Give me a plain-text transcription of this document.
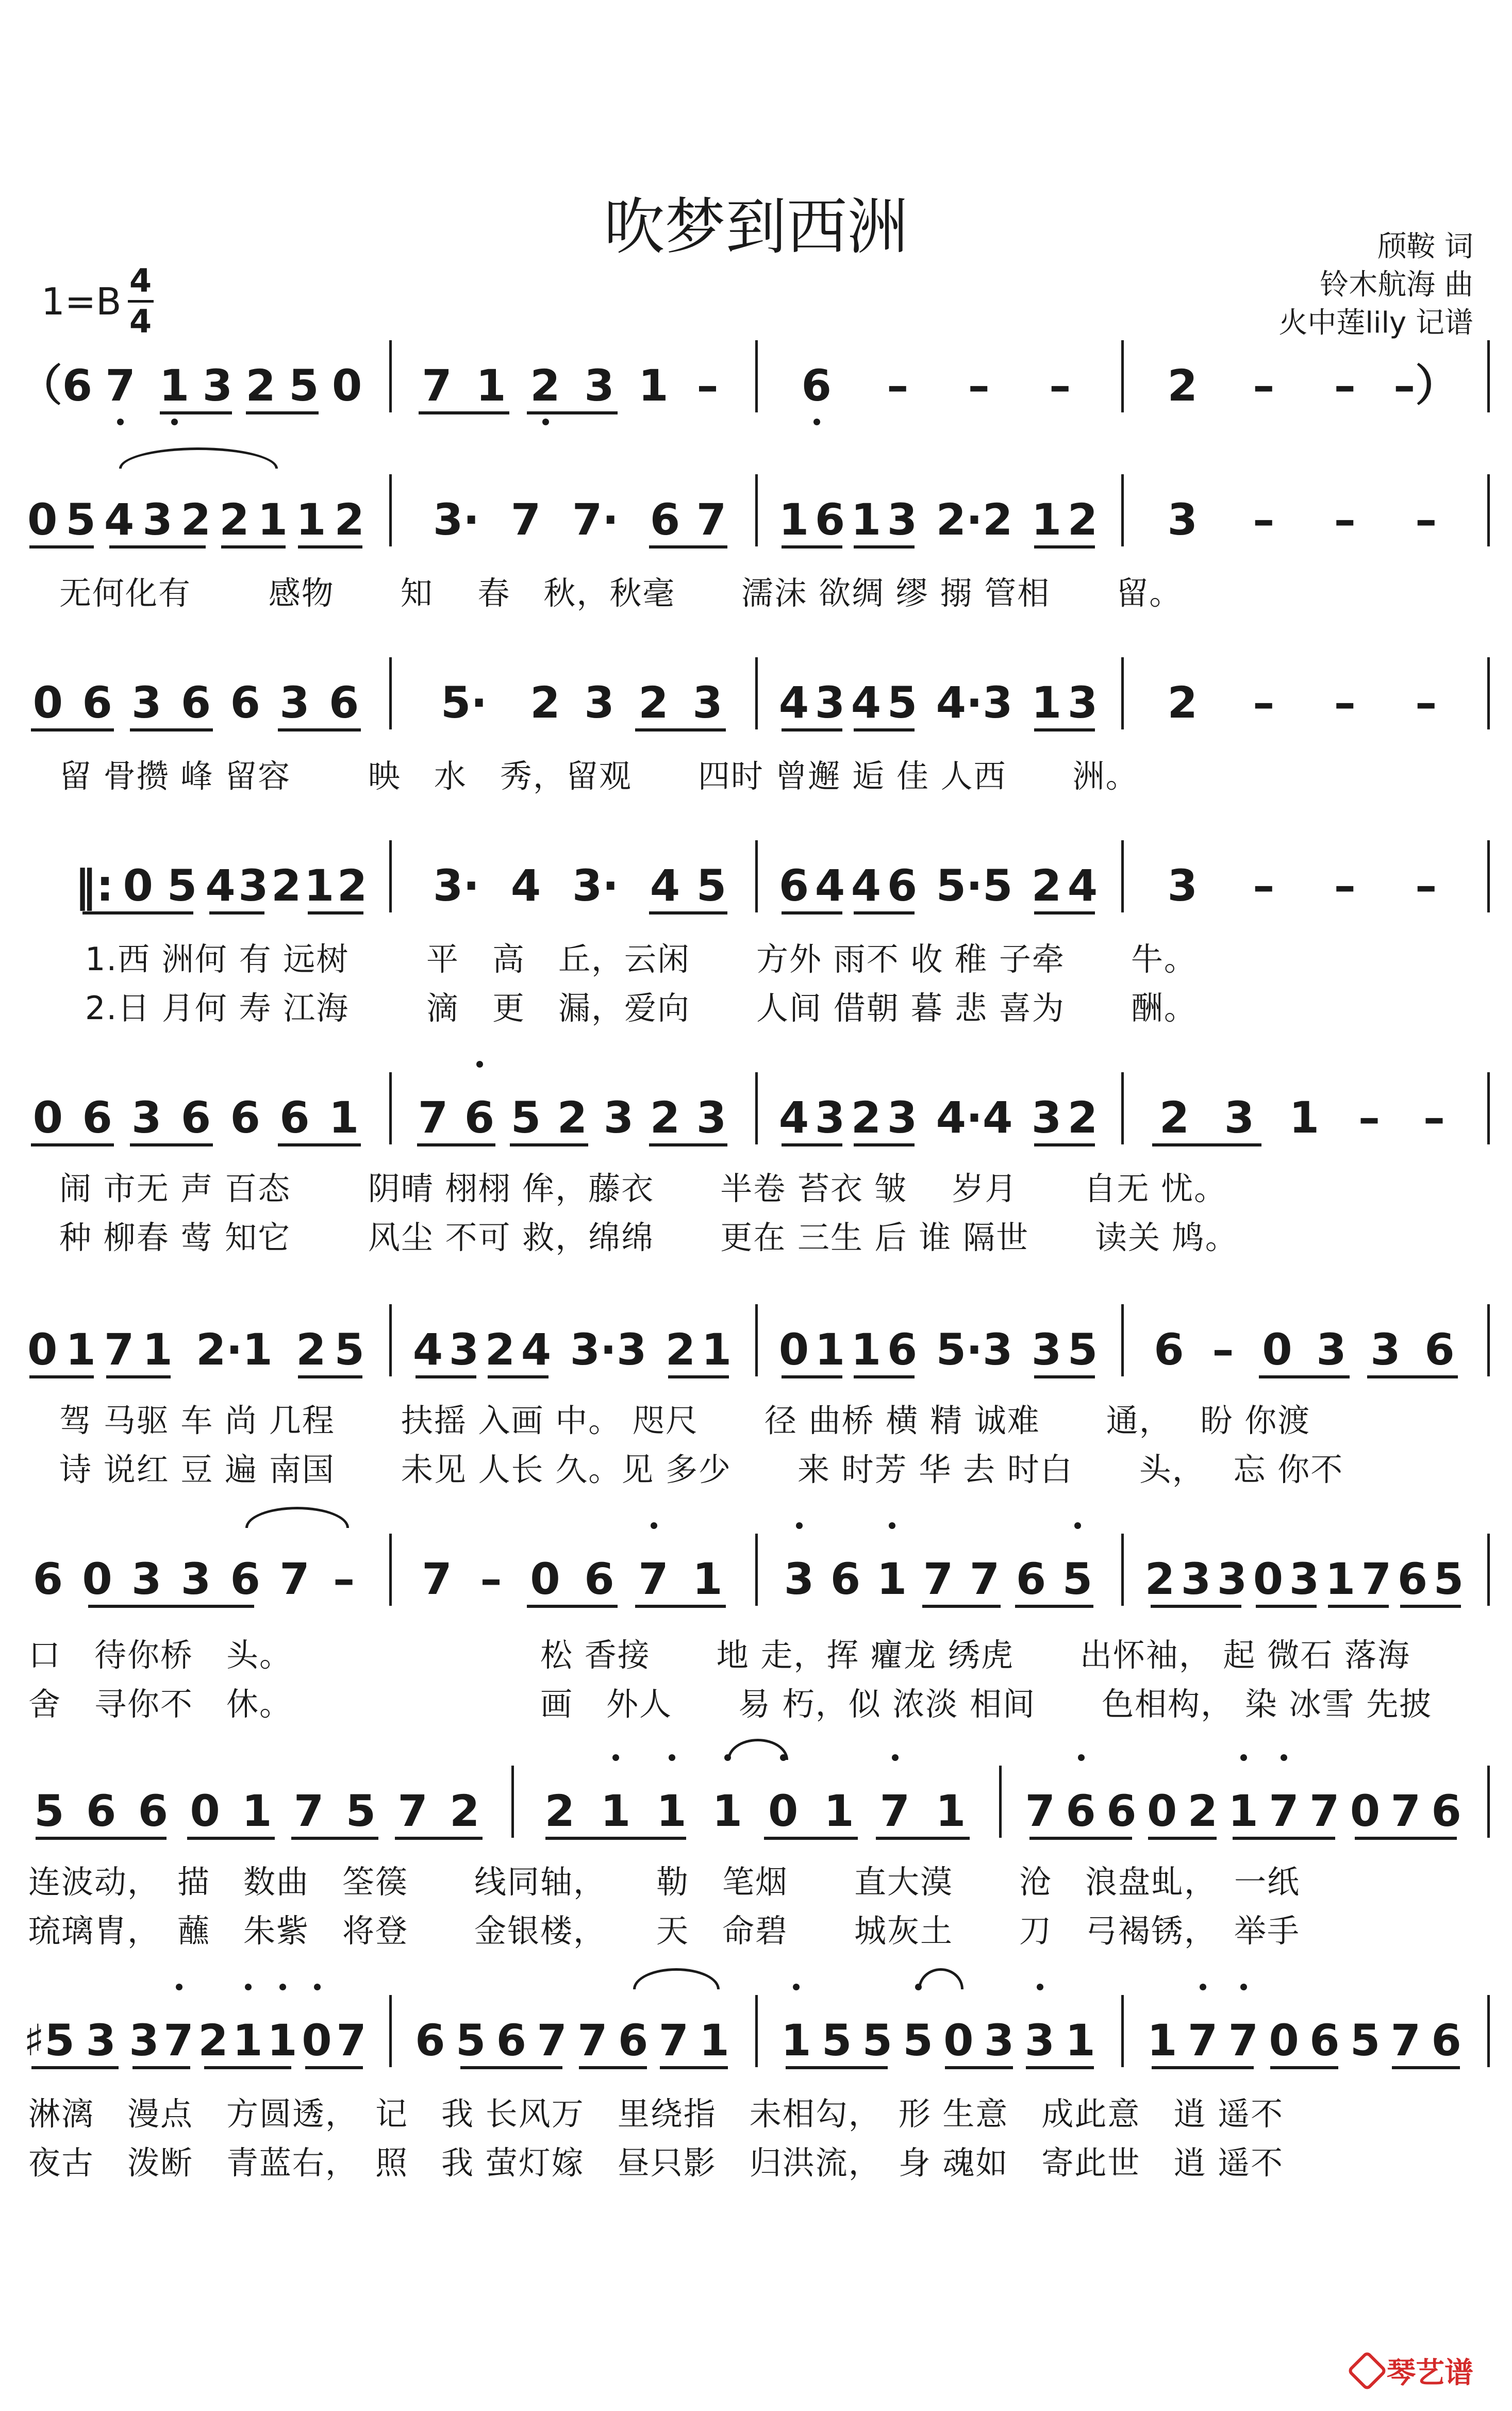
吹梦到西洲
1=B 4
4
颀鞍 词
铃木航海 曲
火中莲lily 记谱
（6 7 1 3 2 5 0 7 1 2 3 1 – 6 – – – 2 – – –）
0 5 4 3 2 2 1 1 2 3· 7 7· 6 7 1 6 1 3 2·2 1 2 3 – – –
0 6 3 6 6 3 6 5· 2 3 2 3 4 3 4 5 4·3 1 3 2 – – –
‖: 0 5 4 3 2 1 2 3· 4 3· 4 5 6 4 4 6 5·5 2 4 3 – – –
0 6 3 6 6 6 1 7 6 5 2 3 2 3 4 3 2 3 4·4 3 2 2 3 1 – –
0 1 7 1 2·1 2 5 4 3 2 4 3·3 2 1 0 1 1 6 5·3 3 5 6 – 0 3 3 6
6 0 3 3 6 7 – 7 – 0 6 7 1 3 6 1 7 7 6 5 2 3 3 0 3 1 7 6 5
5 6 6 0 1 7 5 7 2 2 1 1 1 0 1 7 1 7 6 6 0 2 1 7 7 0 7 6
♯5 3 3 7 2 1 1 0 7 6 5 6 7 7 6 7 1 1 5 5 5 0 3 3 1 1 7 7 0 6 5 7 6
琴艺谱
无何化有　　 感物　　知　 春　秋，秋毫　　濡沫 欲绸 缪 搦 管相　　留。
留 骨攒 峰 留容　　 映　水　秀，留观　　四时 曾邂 逅 佳 人西　　洲。
1.西 洲何 有 远树　　 平　高　丘，云闲　　方外 雨不 收 稚 子牵　　牛。
2.日 月何 寿 江海　　 滴　更　漏，爱向　　人间 借朝 暮 悲 喜为　　酬。
闹 市无 声 百态　　 阴晴 栩栩 侔，藤衣　　半卷 苔衣 皱　 岁月　　自无 忧。
种 柳春 莺 知它　　 风尘 不可 救，绵绵　　更在 三生 后 谁 隔世　　读关 鸠。
驾 马驱 车 尚 几程　　扶摇 入画 中。 咫尺　　径 曲桥 横 精 诚难　　通，　 盼 你渡
诗 说红 豆 遍 南国　　未见 人长 久。见 多少　　来 时芳 华 去 时白　　头，　 忘 你不
口　待你桥　头。　　　　　　　　松 香接　　地 走，挥 癯龙 绣虎　　出怀袖， 起 微石 落海
舍　寻你不　休。　　　　　　　　画　外人　　易 朽，似 浓淡 相间　　色相构， 染 冰雪 先披
连波动，　描　数曲　筌篌　　线同轴，　　勒　笔烟　　直大漠　　沧　浪盘虬，　一纸
琉璃胄，　蘸　朱紫　将登　　金银楼，　　天　命碧　　城灰土　　刀　弓褐锈，　举手
淋漓　漫点　方圆透，　记　我 长风万　里绕指　未相勾，　形 生意　成此意　逍 遥不
夜古　泼断　青蓝右，　照　我 萤灯嫁　昼只影　归洪流，　身 魂如　寄此世　逍 遥不
